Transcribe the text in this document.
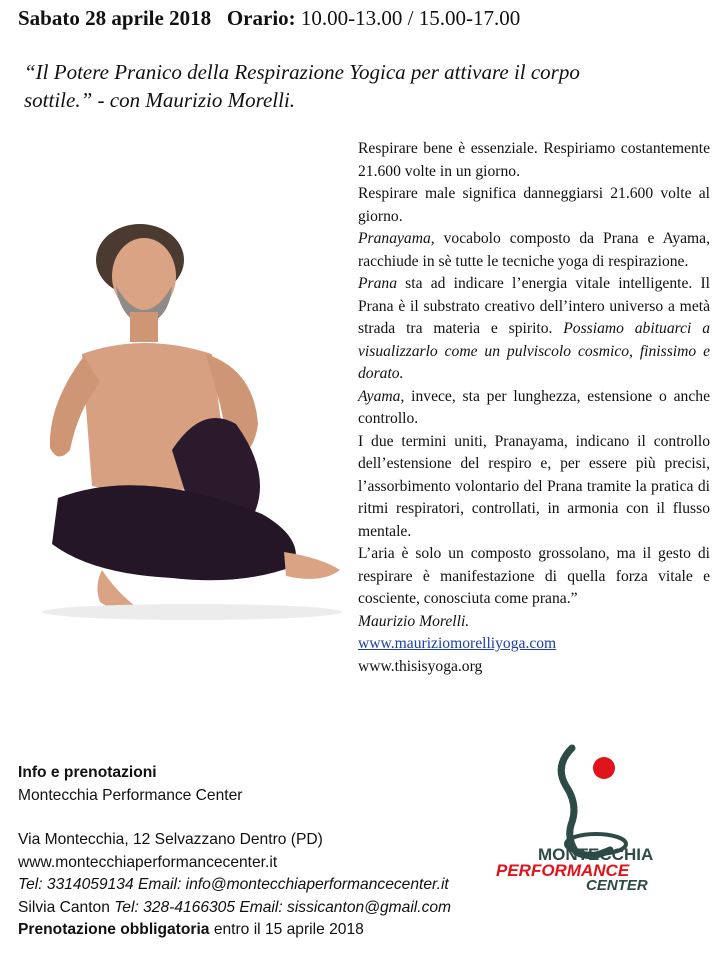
Sabato 28 aprile 2018 Orario: 10.00-13.00 / 15.00-17.00
“Il Potere Pranico della Respirazione Yogica per attivare il corpo
sottile.” - con Maurizio Morelli.

Respirare bene è essenziale. Respiriamo costantemente 21.600 volte in un giorno.

Respirare male significa danneggiarsi 21.600 volte al giorno.

Pranayama, vocabolo composto da Prana e Ayama, racchiude in sè tutte le tecniche yoga di respirazione.

Prana sta ad indicare l’energia vitale intelligente. Il Prana è il substrato creativo dell’intero universo a metà strada tra materia e spirito. Possiamo abituarci a visualizzarlo come un pulviscolo cosmico, finissimo e dorato.

Ayama, invece, sta per lunghezza, estensione o anche controllo.

I due termini uniti, Pranayama, indicano il controllo dell’estensione del respiro e, per essere più precisi, l’assorbimento volontario del Prana tramite la pratica di ritmi respiratori, controllati, in armonia con il flusso mentale.

L’aria è solo un composto grossolano, ma il gesto di respirare è manifestazione di quella forza vitale e cosciente, conosciuta come prana.”

Maurizio Morelli.

www.mauriziomorelliyoga.com

www.thisisyoga.org

Info e prenotazioni
Montecchia Performance Center
Via Montecchia, 12 Selvazzano Dentro (PD)
www.montecchiaperformancecenter.it
Tel: 3314059134 Email: info@montecchiaperformancecenter.it
Silvia Canton Tel: 328-4166305 Email: sissicanton@gmail.com
Prenotazione obbligatoria entro il 15 aprile 2018
MONTECCHIA
PERFORMANCE
CENTER
